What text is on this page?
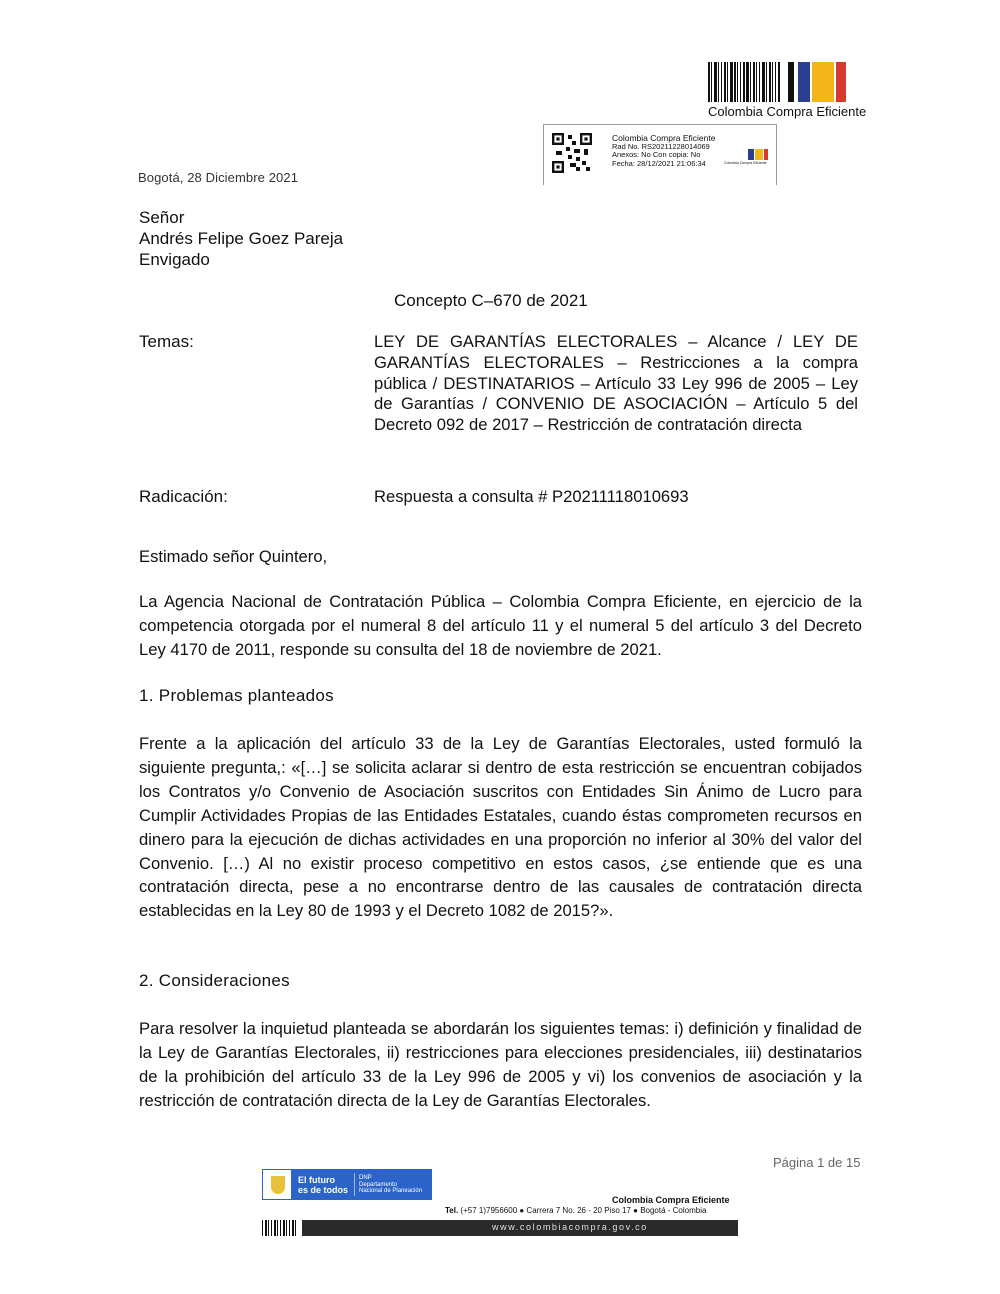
Colombia Compra Eficiente
Colombia Compra Eficiente
Rad No. RS20211228014069
Anexos: No Con copia: No
Fecha: 28/12/2021 21:06:34	Colombia Compra Eficiente
Bogotá, 28 Diciembre 2021
Señor
Andrés Felipe Goez Pareja
Envigado
Concepto C‒670 de 2021
Temas:	LEY DE GARANTÍAS ELECTORALES – Alcance / LEY DE GARANTÍAS ELECTORALES – Restricciones a la compra pública / DESTINATARIOS – Artículo 33 Ley 996 de 2005 – Ley de Garantías / CONVENIO DE ASOCIACIÓN – Artículo 5 del Decreto 092 de 2017 – Restricción de contratación directa
Radicación:	Respuesta a consulta # P20211118010693
Estimado señor Quintero,
La Agencia Nacional de Contratación Pública – Colombia Compra Eficiente, en ejercicio de la competencia otorgada por el numeral 8 del artículo 11 y el numeral 5 del artículo 3 del Decreto Ley 4170 de 2011, responde su consulta del 18 de noviembre de 2021.
1. Problemas planteados
Frente a la aplicación del artículo 33 de la Ley de Garantías Electorales, usted formuló la siguiente pregunta,: «[…] se solicita aclarar si dentro de esta restricción se encuentran cobijados los Contratos y/o Convenio de Asociación suscritos con Entidades Sin Ánimo de Lucro para Cumplir Actividades Propias de las Entidades Estatales, cuando éstas comprometen recursos en dinero para la ejecución de dichas actividades en una proporción no inferior al 30% del valor del Convenio. […) Al no existir proceso competitivo en estos casos, ¿se entiende que es una contratación directa, pese a no encontrarse dentro de las causales de contratación directa establecidas en la Ley 80 de 1993 y el Decreto 1082 de 2015?».
2. Consideraciones
Para resolver la inquietud planteada se abordarán los siguientes temas: i) definición y finalidad de la Ley de Garantías Electorales, ii) restricciones para elecciones presidenciales, iii) destinatarios de la prohibición del artículo 33 de la Ley 996 de 2005 y vi) los convenios de asociación y la restricción de contratación directa de la Ley de Garantías Electorales.
Página 1 de 15
El futuro
es de todos
DNP
Departamento
Nacional de Planeación
Colombia Compra Eficiente
Tel. (+57 1)7956600 ● Carrera 7 No. 26 - 20 Piso 17 ● Bogotá - Colombia
www.colombiacompra.gov.co
